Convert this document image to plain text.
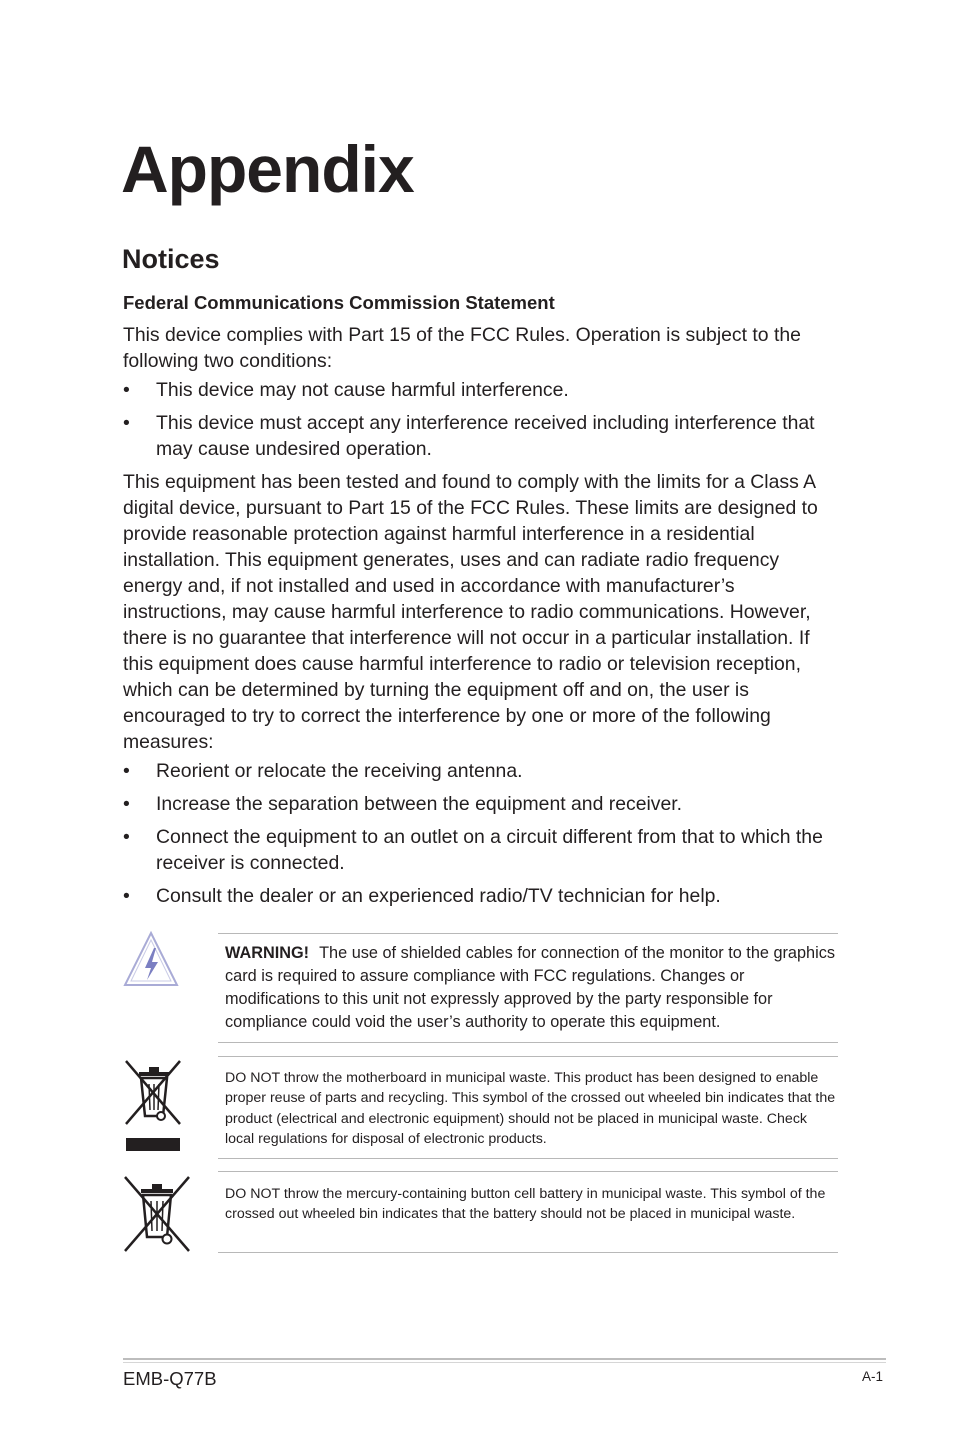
Appendix
Notices
Federal Communications Commission Statement

This device complies with Part 15 of the FCC Rules. Operation is subject to the following two conditions:

• This device may not cause harmful interference.
• This device must accept any interference received including interference that may cause undesired operation.

This equipment has been tested and found to comply with the limits for a Class A digital device, pursuant to Part 15 of the FCC Rules. These limits are designed to provide reasonable protection against harmful interference in a residential installation. This equipment generates, uses and can radiate radio frequency energy and, if not installed and used in accordance with manufacturer’s instructions, may cause harmful interference to radio communications. However, there is no guarantee that interference will not occur in a particular installation. If this equipment does cause harmful interference to radio or television reception, which can be determined by turning the equipment off and on, the user is encouraged to try to correct the interference by one or more of the following measures:

• Reorient or relocate the receiving antenna.
• Increase the separation between the equipment and receiver.
• Connect the equipment to an outlet on a circuit different from that to which the receiver is connected.
• Consult the dealer or an experienced radio/TV technician for help.
WARNING! The use of shielded cables for connection of the monitor to the graphics card is required to assure compliance with FCC regulations. Changes or modifications to this unit not expressly approved by the party responsible for compliance could void the user’s authority to operate this equipment.
DO NOT throw the motherboard in municipal waste. This product has been designed to enable proper reuse of parts and recycling. This symbol of the crossed out wheeled bin indicates that the product (electrical and electronic equipment) should not be placed in municipal waste. Check local regulations for disposal of electronic products.
DO NOT throw the mercury-containing button cell battery in municipal waste. This symbol of the crossed out wheeled bin indicates that the battery should not be placed in municipal waste.
EMB-Q77B	A-1
